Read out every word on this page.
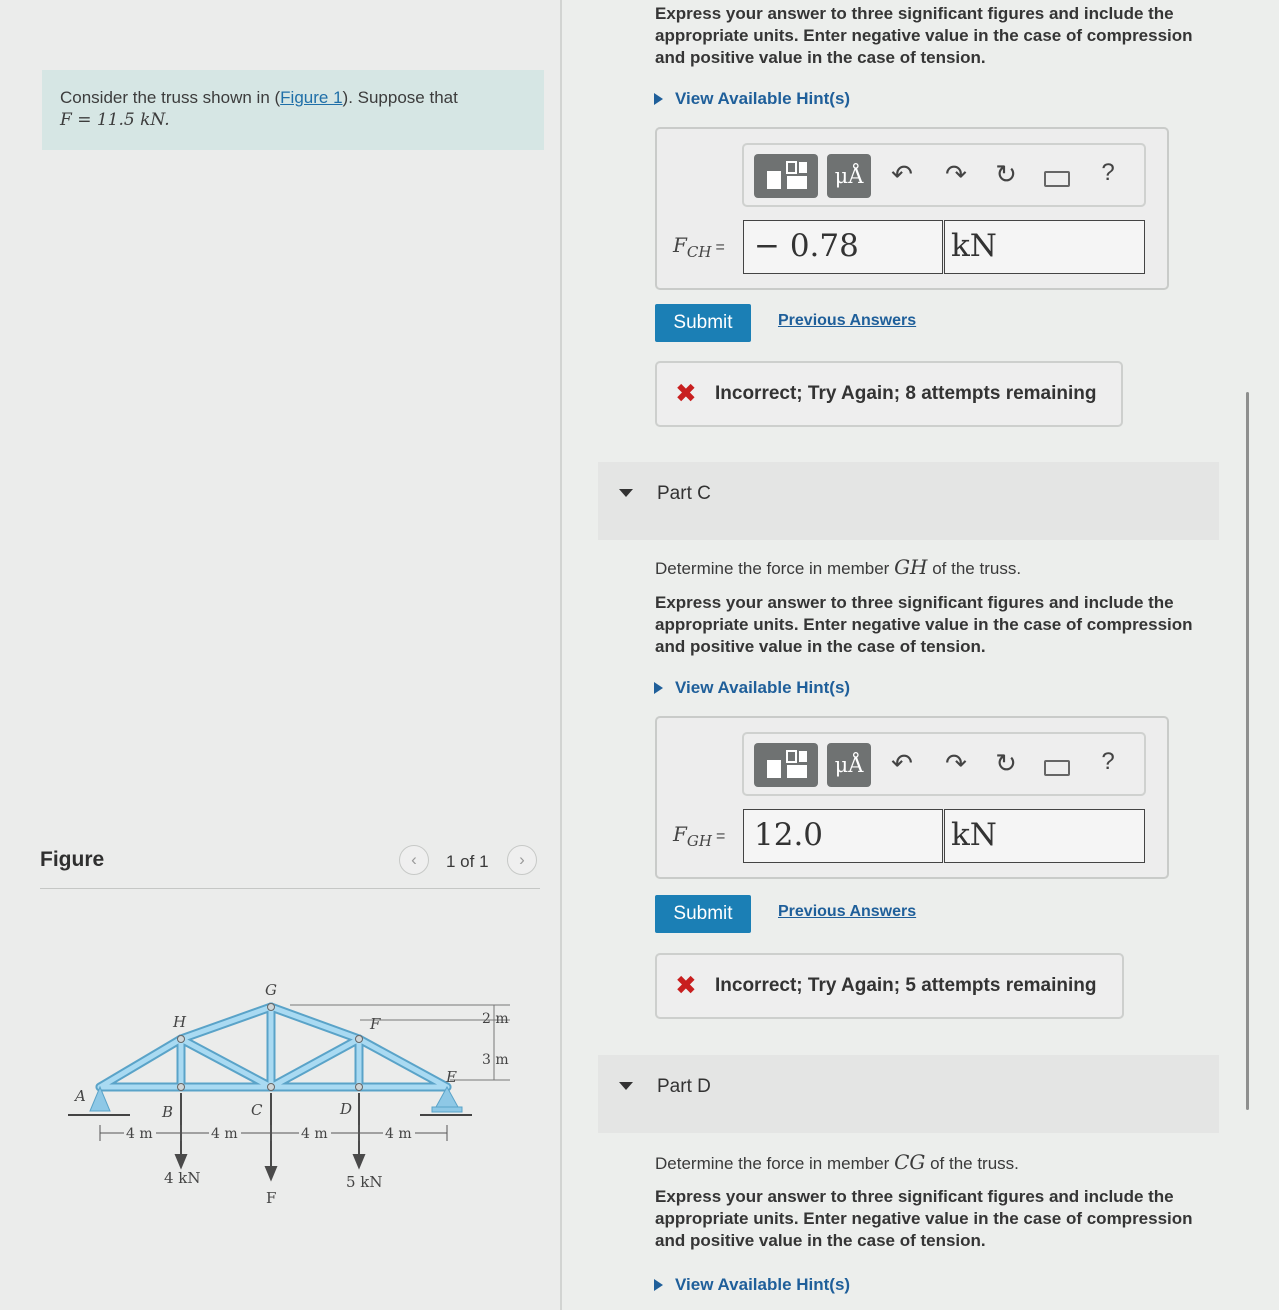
Consider the truss shown in (Figure 1). Suppose that
F = 11.5 kN.
Figure	‹	1 of 1	›
A
B	C	D
E
F
G
H
4 m	4 m	4 m	4 m
2 m
3 m
4 kN
F
5 kN
Express your answer to three significant figures and include the appropriate units. Enter negative value in the case of compression and positive value in the case of tension.
View Available Hint(s)
μÅ ↶ ↷ ↻	?
$F_{CH}$ = − 0.78	kN
Submit	Previous Answers
✖ Incorrect; Try Again; 8 attempts remaining
Part C
Determine the force in member GH of the truss.
Express your answer to three significant figures and include the appropriate units. Enter negative value in the case of compression and positive value in the case of tension.
View Available Hint(s)
μÅ ↶ ↷ ↻	?
$F_{GH} = 12.0$	kN
Submit	Previous Answers
✖ Incorrect; Try Again; 5 attempts remaining
Part D
Determine the force in member CG of the truss.
Express your answer to three significant figures and include the appropriate units. Enter negative value in the case of compression and positive value in the case of tension.
View Available Hint(s)
